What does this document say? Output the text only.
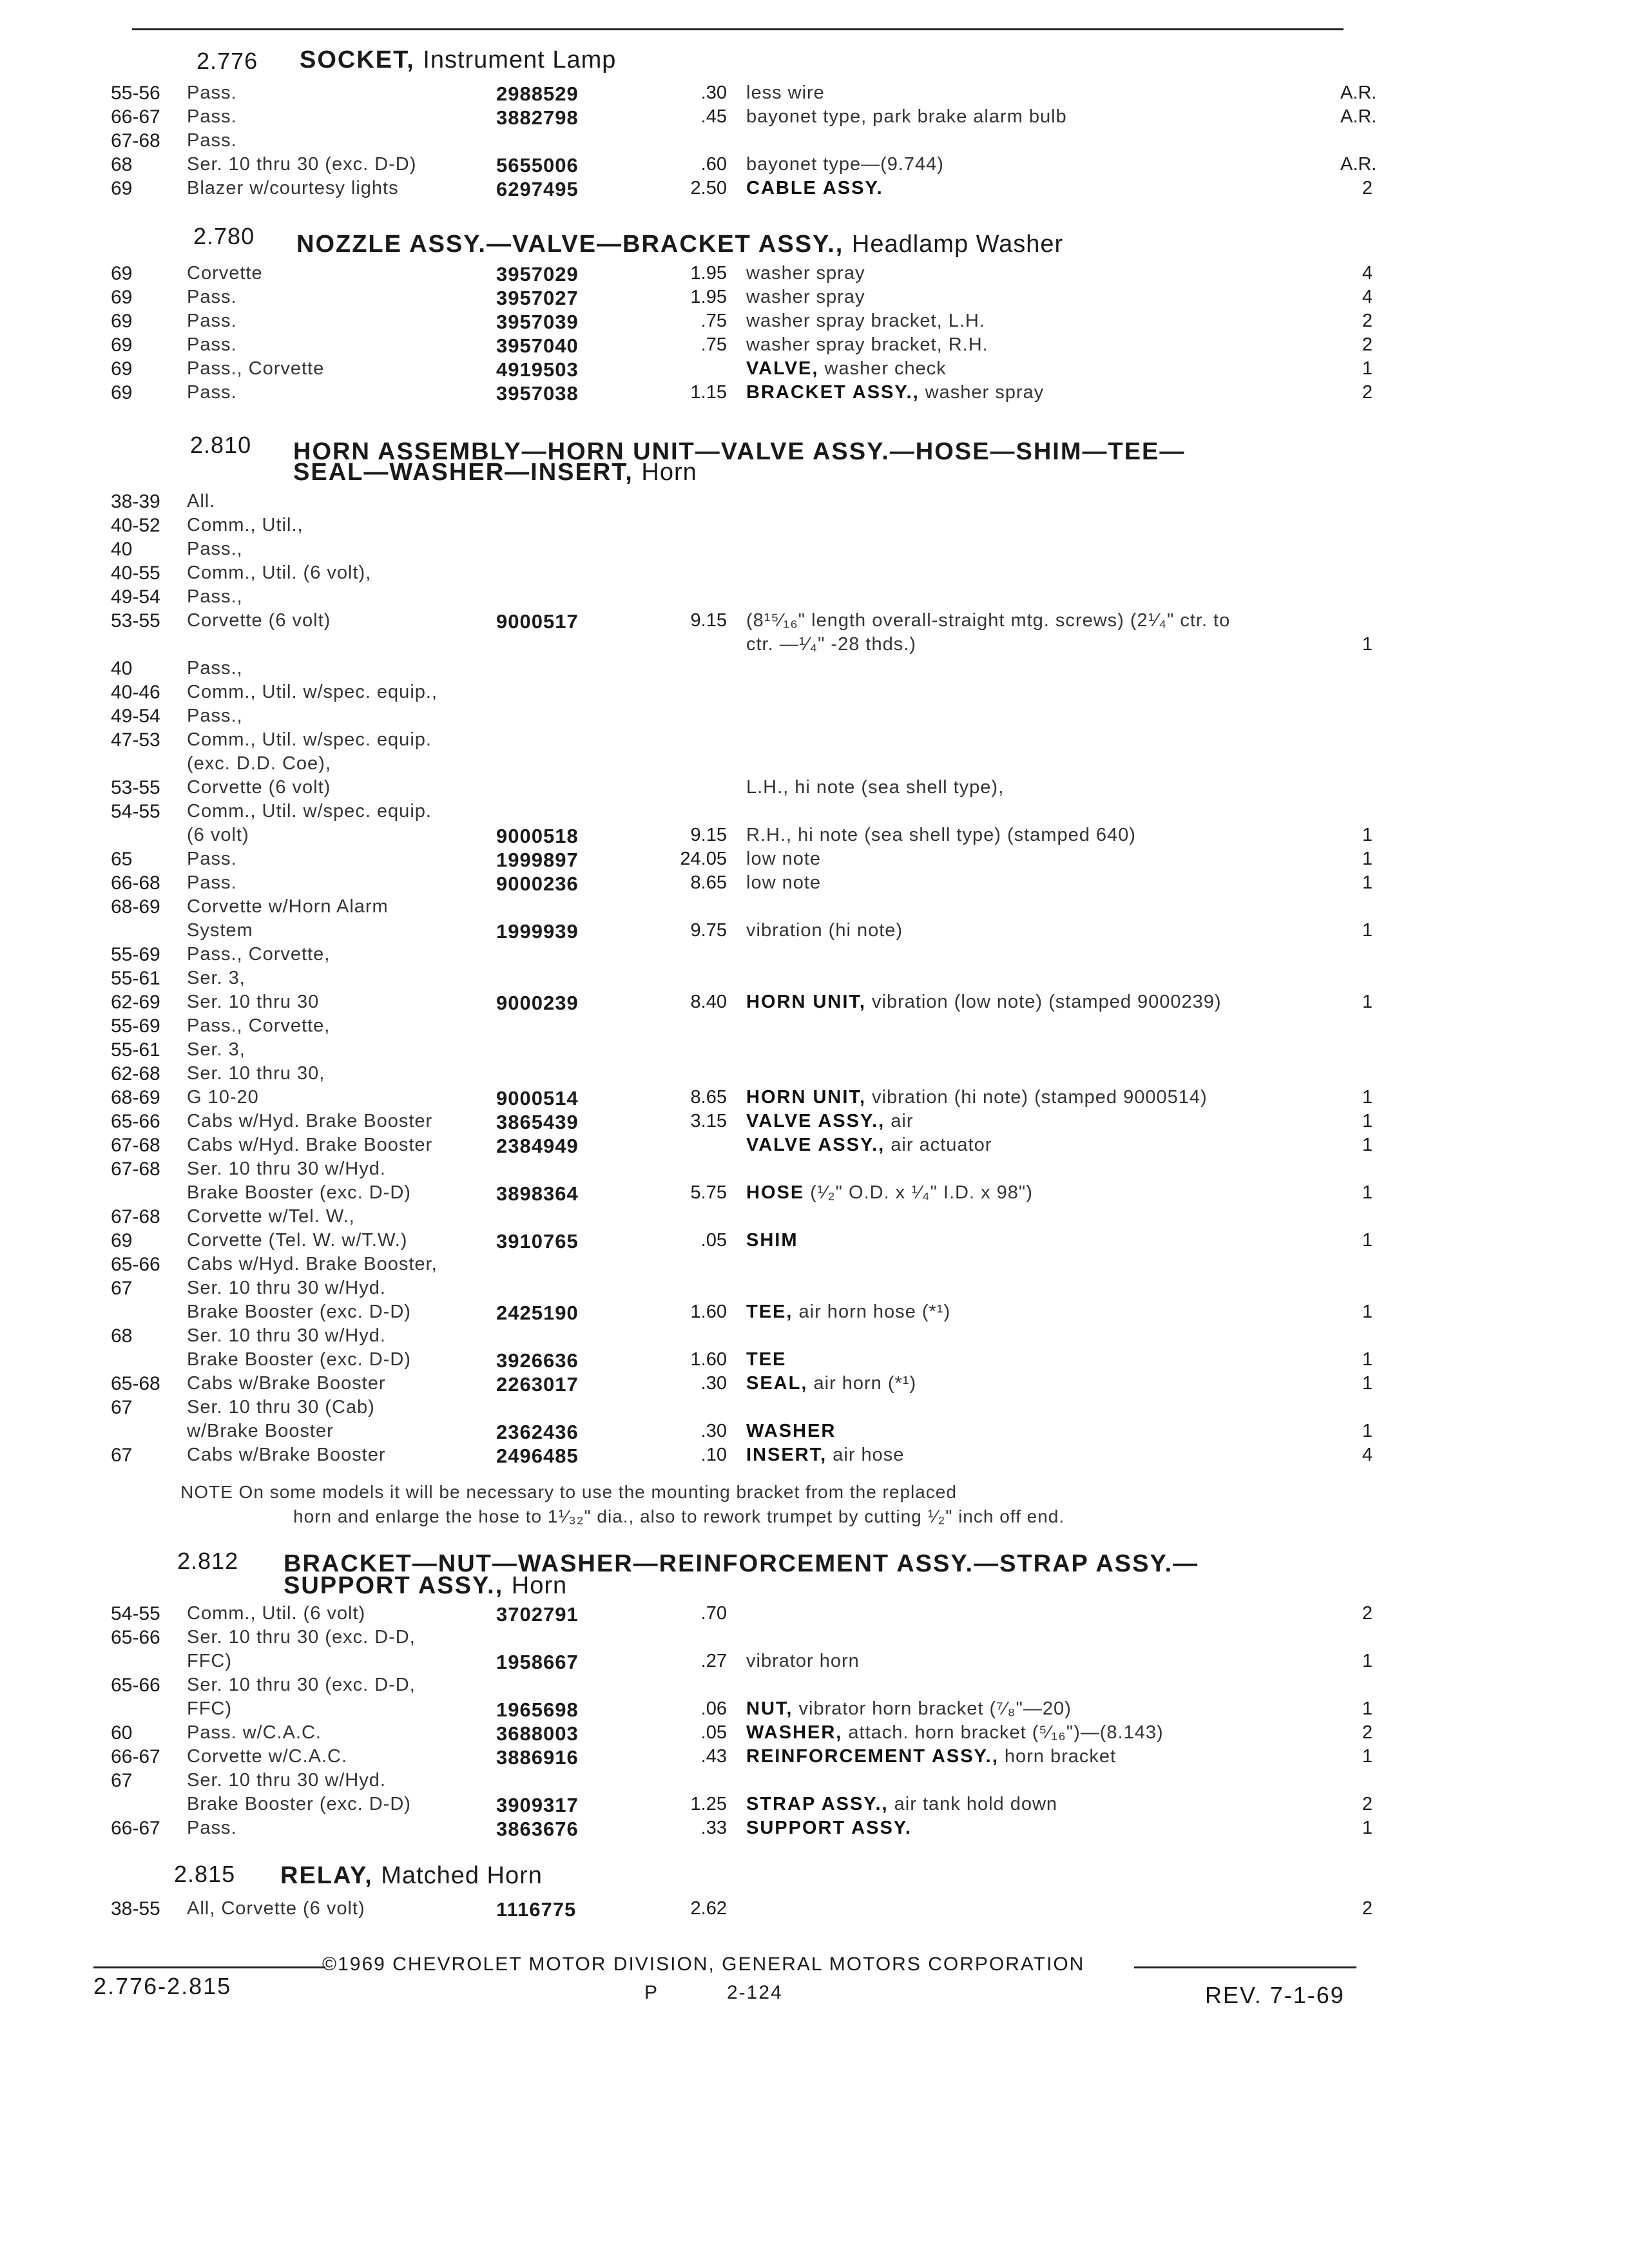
2.776 SOCKET, Instrument Lamp
55-56 Pass.	2988529	.30 less wire	A.R.
66-67 Pass.	3882798	.45 bayonet type, park brake alarm bulb	A.R.
67-68 Pass.
68	Ser. 10 thru 30 (exc. D-D)	5655006	.60 bayonet type—(9.744)	A.R.
69	Blazer w/courtesy lights	6297495	2.50 CABLE ASSY.	2
2.780 NOZZLE ASSY.—VALVE—BRACKET ASSY., Headlamp Washer
69	Corvette	3957029	1.95 washer spray	4
69	Pass.	3957027	1.95 washer spray	4
69	Pass.	3957039	.75 washer spray bracket, L.H.	2
69	Pass.	3957040	.75 washer spray bracket, R.H.	2
69	Pass., Corvette	4919503	VALVE, washer check	1
69	Pass.	3957038	1.15 BRACKET ASSY., washer spray	2
2.810 HORN ASSEMBLY—HORN UNIT—VALVE ASSY.—HOSE—SHIM—TEE—
SEAL—WASHER—INSERT, Horn
38-39 All.
40-52 Comm., Util.,
40	Pass.,
40-55 Comm., Util. (6 volt),
49-54 Pass.,
53-55 Corvette (6 volt)	9000517	9.15 (8¹⁵⁄₁₆" length overall-straight mtg. screws) (2¹⁄₄" ctr. to
ctr. —¹⁄₄" -28 thds.)	1
40	Pass.,
40-46 Comm., Util. w/spec. equip.,
49-54 Pass.,
47-53 Comm., Util. w/spec. equip.
(exc. D.D. Coe),
53-55 Corvette (6 volt)	L.H., hi note (sea shell type),
54-55 Comm., Util. w/spec. equip.
(6 volt)	9000518	9.15 R.H., hi note (sea shell type) (stamped 640)	1
65	Pass.	1999897	24.05 low note	1
66-68 Pass.	9000236	8.65 low note	1
68-69 Corvette w/Horn Alarm
System	1999939	9.75 vibration (hi note)	1
55-69 Pass., Corvette,
55-61 Ser. 3,
62-69 Ser. 10 thru 30	9000239	8.40 HORN UNIT, vibration (low note) (stamped 9000239)	1
55-69 Pass., Corvette,
55-61 Ser. 3,
62-68 Ser. 10 thru 30,
68-69 G 10-20	9000514	8.65 HORN UNIT, vibration (hi note) (stamped 9000514)	1
65-66 Cabs w/Hyd. Brake Booster	3865439	3.15 VALVE ASSY., air	1
67-68 Cabs w/Hyd. Brake Booster	2384949	VALVE ASSY., air actuator	1
67-68 Ser. 10 thru 30 w/Hyd.
Brake Booster (exc. D-D)	3898364	5.75 HOSE (¹⁄₂" O.D. x ¹⁄₄" I.D. x 98")	1
67-68 Corvette w/Tel. W.,
69	Corvette (Tel. W. w/T.W.)	3910765	.05 SHIM	1
65-66 Cabs w/Hyd. Brake Booster,
67	Ser. 10 thru 30 w/Hyd.
Brake Booster (exc. D-D)	2425190	1.60 TEE, air horn hose (*¹)	1
68	Ser. 10 thru 30 w/Hyd.
Brake Booster (exc. D-D)	3926636	1.60 TEE	1
65-68 Cabs w/Brake Booster	2263017	.30 SEAL, air horn (*¹)	1
67	Ser. 10 thru 30 (Cab)
w/Brake Booster	2362436	.30 WASHER	1
67	Cabs w/Brake Booster	2496485	.10 INSERT, air hose	4
NOTE On some models it will be necessary to use the mounting bracket from the replaced
horn and enlarge the hose to 1¹⁄₃₂" dia., also to rework trumpet by cutting ¹⁄₂" inch off end.
2.812 BRACKET—NUT—WASHER—REINFORCEMENT ASSY.—STRAP ASSY.—
SUPPORT ASSY., Horn
54-55 Comm., Util. (6 volt)	3702791	.70	2
65-66 Ser. 10 thru 30 (exc. D-D,
FFC)	1958667	.27 vibrator horn	1
65-66 Ser. 10 thru 30 (exc. D-D,
FFC)	1965698	.06 NUT, vibrator horn bracket (⁷⁄₈"—20)	1
60	Pass. w/C.A.C.	3688003	.05 WASHER, attach. horn bracket (⁵⁄₁₆")—(8.143)	2
66-67 Corvette w/C.A.C.	3886916	.43 REINFORCEMENT ASSY., horn bracket	1
67	Ser. 10 thru 30 w/Hyd.
Brake Booster (exc. D-D)	3909317	1.25 STRAP ASSY., air tank hold down	2
66-67 Pass.	3863676	.33 SUPPORT ASSY.	1
2.815 RELAY, Matched Horn
38-55 All, Corvette (6 volt)	1116775	2.62	2
©1969 CHEVROLET MOTOR DIVISION, GENERAL MOTORS CORPORATION
2.776-2.815	P	2-124	REV. 7-1-69
